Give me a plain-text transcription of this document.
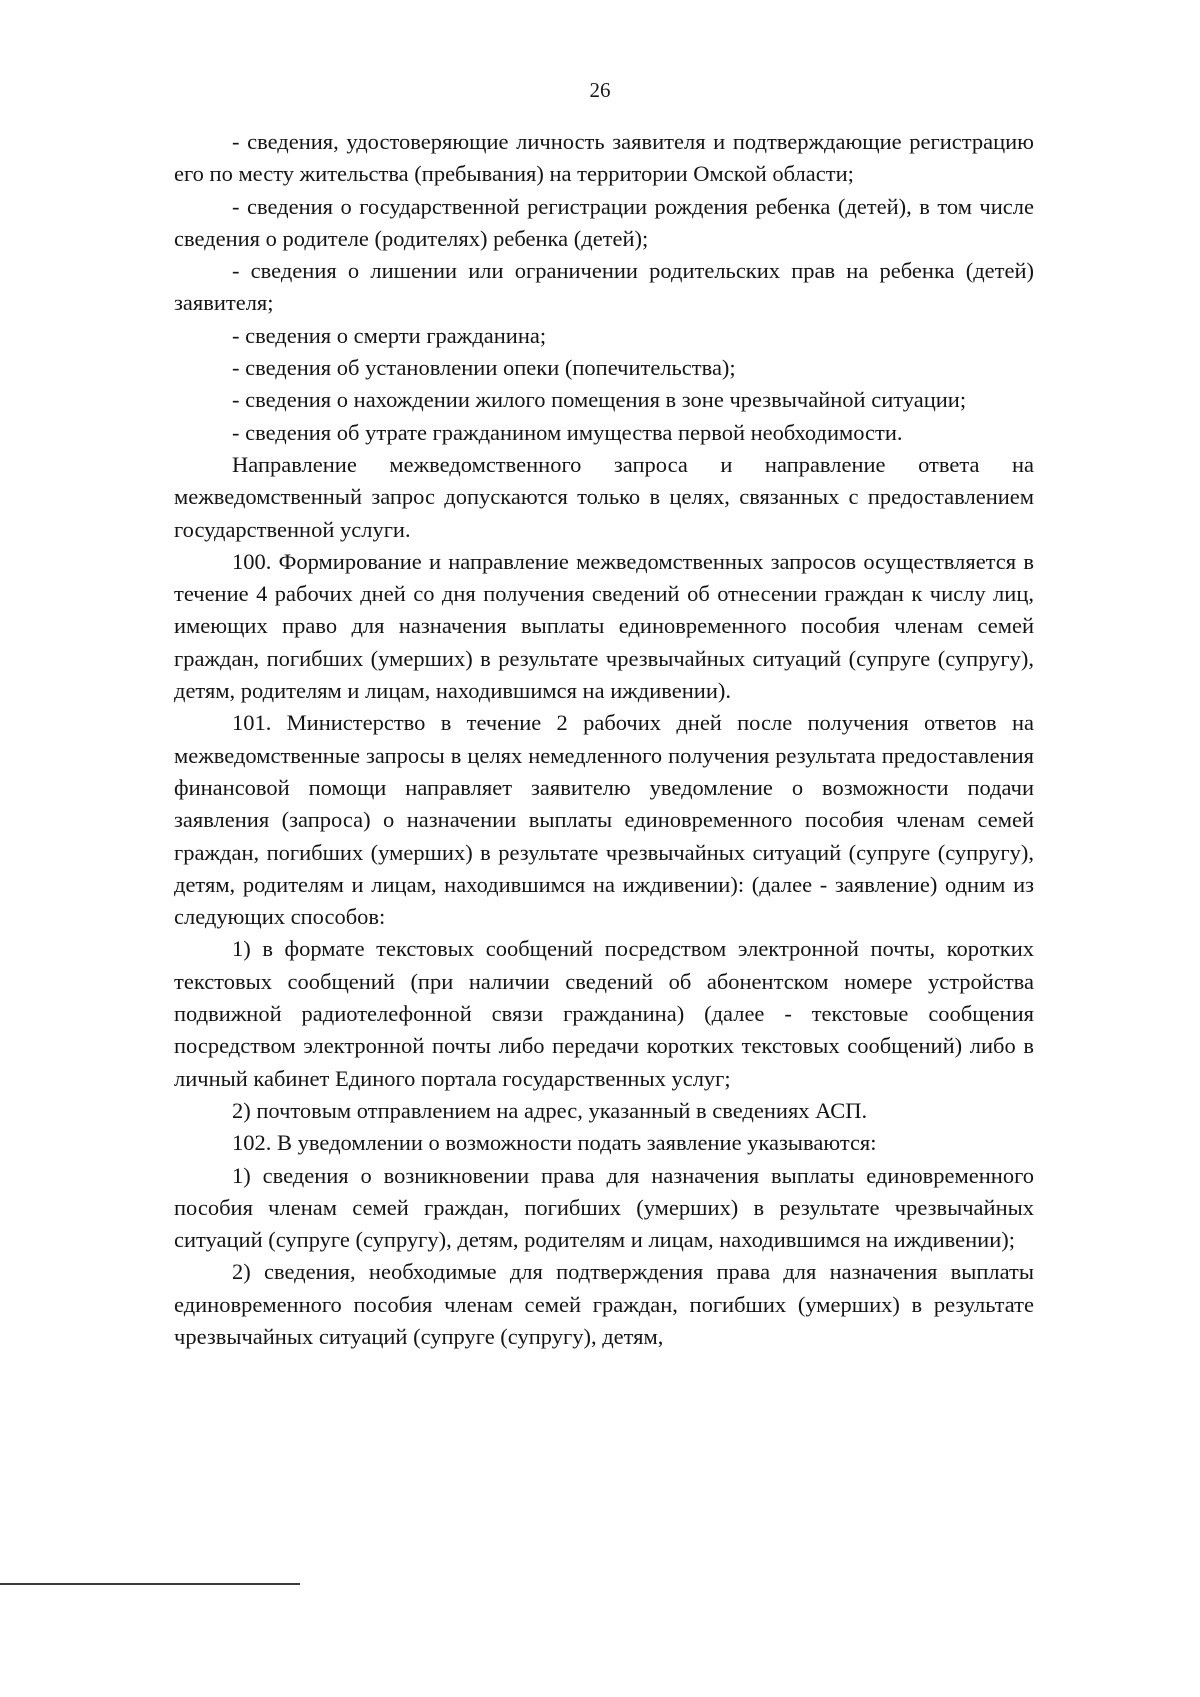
26

- сведения, удостоверяющие личность заявителя и подтверждающие регистрацию его по месту жительства (пребывания) на территории Омской области;

- сведения о государственной регистрации рождения ребенка (детей), в том числе сведения о родителе (родителях) ребенка (детей);

- сведения о лишении или ограничении родительских прав на ребенка (детей) заявителя;

- сведения о смерти гражданина;

- сведения об установлении опеки (попечительства);

- сведения о нахождении жилого помещения в зоне чрезвычайной ситуации;

- сведения об утрате гражданином имущества первой необходимости.

Направление межведомственного запроса и направление ответа на межведомственный запрос допускаются только в целях, связанных с предоставлением государственной услуги.

100. Формирование и направление межведомственных запросов осуществляется в течение 4 рабочих дней со дня получения сведений об отнесении граждан к числу лиц, имеющих право для назначения выплаты единовременного пособия членам семей граждан, погибших (умерших) в результате чрезвычайных ситуаций (супруге (супругу), детям, родителям и лицам, находившимся на иждивении).

101. Министерство в течение 2 рабочих дней после получения ответов на межведомственные запросы в целях немедленного получения результата предоставления финансовой помощи направляет заявителю уведомление о возможности подачи заявления (запроса) о назначении выплаты единовременного пособия членам семей граждан, погибших (умерших) в результате чрезвычайных ситуаций (супруге (супругу), детям, родителям и лицам, находившимся на иждивении): (далее - заявление) одним из следующих способов:

1) в формате текстовых сообщений посредством электронной почты, коротких текстовых сообщений (при наличии сведений об абонентском номере устройства подвижной радиотелефонной связи гражданина) (далее - текстовые сообщения посредством электронной почты либо передачи коротких текстовых сообщений) либо в личный кабинет Единого портала государственных услуг;

2) почтовым отправлением на адрес, указанный в сведениях АСП.

102. В уведомлении о возможности подать заявление указываются:

1) сведения о возникновении права для назначения выплаты единовременного пособия членам семей граждан, погибших (умерших) в результате чрезвычайных ситуаций (супруге (супругу), детям, родителям и лицам, находившимся на иждивении);

2) сведения, необходимые для подтверждения права для назначения выплаты единовременного пособия членам семей граждан, погибших (умерших) в результате чрезвычайных ситуаций (супруге (супругу), детям,
